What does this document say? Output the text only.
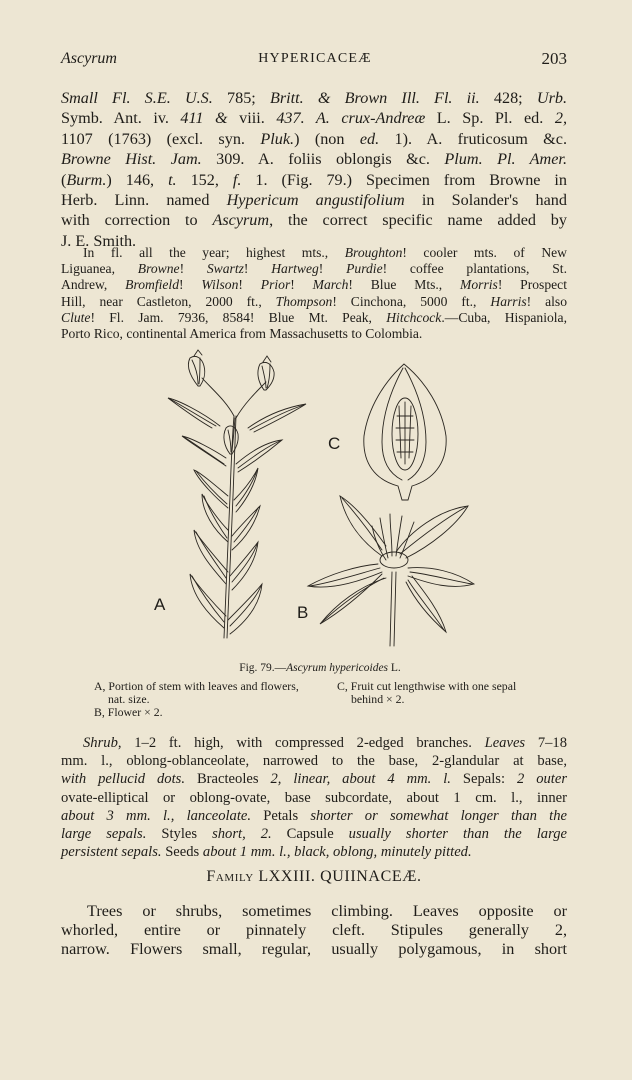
Ascyrum	HYPERICACEÆ	203
Small Fl. S.E. U.S. 785; Britt. & Brown Ill. Fl. ii. 428; Urb.
Symb. Ant. iv. 411 & viii. 437. A. crux-Andreæ L. Sp. Pl. ed. 2,
1107 (1763) (excl. syn. Pluk.) (non ed. 1). A. fruticosum &c.
Browne Hist. Jam. 309. A. foliis oblongis &c. Plum. Pl. Amer.
(Burm.) 146, t. 152, f. 1. (Fig. 79.) Specimen from Browne in
Herb. Linn. named Hypericum angustifolium in Solander's hand
with correction to Ascyrum, the correct specific name added by
J. E. Smith.
In fl. all the year; highest mts., Broughton! cooler mts. of New
Liguanea, Browne! Swartz! Hartweg! Purdie! coffee plantations, St.
Andrew, Bromfield! Wilson! Prior! March! Blue Mts., Morris! Prospect
Hill, near Castleton, 2000 ft., Thompson! Cinchona, 5000 ft., Harris! also
Clute! Fl. Jam. 7936, 8584! Blue Mt. Peak, Hitchcock.—Cuba, Hispaniola,
Porto Rico, continental America from Massachusetts to Colombia.
A	B
C
Fig. 79.—Ascyrum hypericoides L.
A, Portion of stem with leaves and flowers, nat. size.
B, Flower × 2.
C, Fruit cut lengthwise with one sepal behind × 2.
Shrub, 1–2 ft. high, with compressed 2-edged branches. Leaves 7–18
mm. l., oblong-oblanceolate, narrowed to the base, 2-glandular at base,
with pellucid dots. Bracteoles 2, linear, about 4 mm. l. Sepals: 2 outer
ovate-elliptical or oblong-ovate, base subcordate, about 1 cm. l., inner
about 3 mm. l., lanceolate. Petals shorter or somewhat longer than the
large sepals. Styles short, 2. Capsule usually shorter than the large
persistent sepals. Seeds about 1 mm. l., black, oblong, minutely pitted.
Family LXXIII. QUIINACEÆ.
Trees or shrubs, sometimes climbing. Leaves opposite or
whorled, entire or pinnately cleft. Stipules generally 2,
narrow. Flowers small, regular, usually polygamous, in short
